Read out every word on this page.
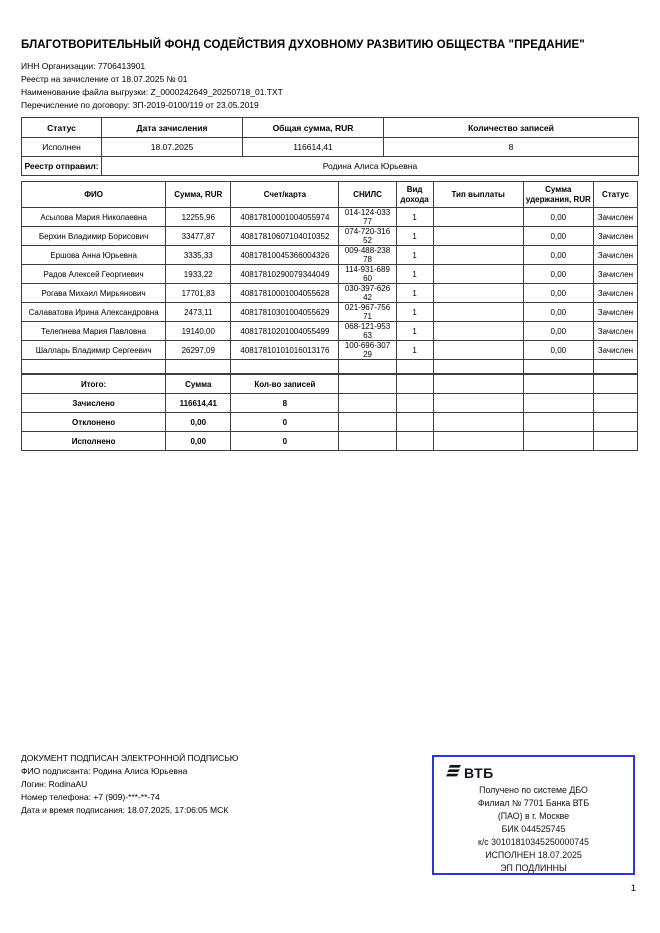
БЛАГОТВОРИТЕЛЬНЫЙ ФОНД СОДЕЙСТВИЯ ДУХОВНОМУ РАЗВИТИЮ ОБЩЕСТВА "ПРЕДАНИЕ"
ИНН Организации: 7706413901
Реестр на зачисление от 18.07.2025 № 01
Наименование файла выгрузки: Z_0000242649_20250718_01.TXT
Перечисление по договору: ЗП-2019-0100/119 от 23.05.2019
Статус	Дата зачисления	Общая сумма, RUR	Количество записей
Исполнен	18.07.2025	116614,41	8
Реестр отправил:	Родина Алиса Юрьевна		
ФИО	Сумма, RUR	Счет/карта	СНИЛС	Вид дохода	Тип выплаты	Сумма удержания, RUR	Статус
Асылова Мария Николаевна	12255,96	40817810001004055974	014-124-033 77	1		0,00	Зачислен
Берхин Владимир Борисович	33477,87	40817810607104010352	074-720-316 52	1		0,00	Зачислен
Ершова Анна Юрьевна	3335,33	40817810045366004326	009-488-238 78	1		0,00	Зачислен
Радов Алексей Георгиевич	1933,22	40817810290079344049	114-931-689 60	1		0,00	Зачислен
Рогава Михаил Мирьянович	17701,83	40817810001004055628	030-397-626 42	1		0,00	Зачислен
Салаватова Ирина Александровна	2473,11	40817810301004055629	021-967-756 71	1		0,00	Зачислен
Телепнева Мария Павловна	19140,00	40817810201004055499	068-121-953 63	1		0,00	Зачислен
Шалларь Владимир Сергеевич	26297,09	40817810101016013176	100-696-307 29	1		0,00	Зачислен

Итого:	Сумма	Кол-во записей					
Зачислено	116614,41	8					
Отклонено	0,00	0					
Исполнено	0,00	0					
ДОКУМЕНТ ПОДПИСАН ЭЛЕКТРОННОЙ ПОДПИСЬЮ
ФИО подписанта: Родина Алиса Юрьевна
Логин: RodinaAU
Номер телефона: +7 (909)-***-**-74
Дата и время подписания: 18.07.2025, 17:06:05 МСК
ВТБ
Получено по системе ДБО
Филиал № 7701 Банка ВТБ
(ПАО) в г. Москве
БИК 044525745
к/с 30101810345250000745
ИСПОЛНЕН 18.07.2025
ЭП ПОДЛИННЫ
1
